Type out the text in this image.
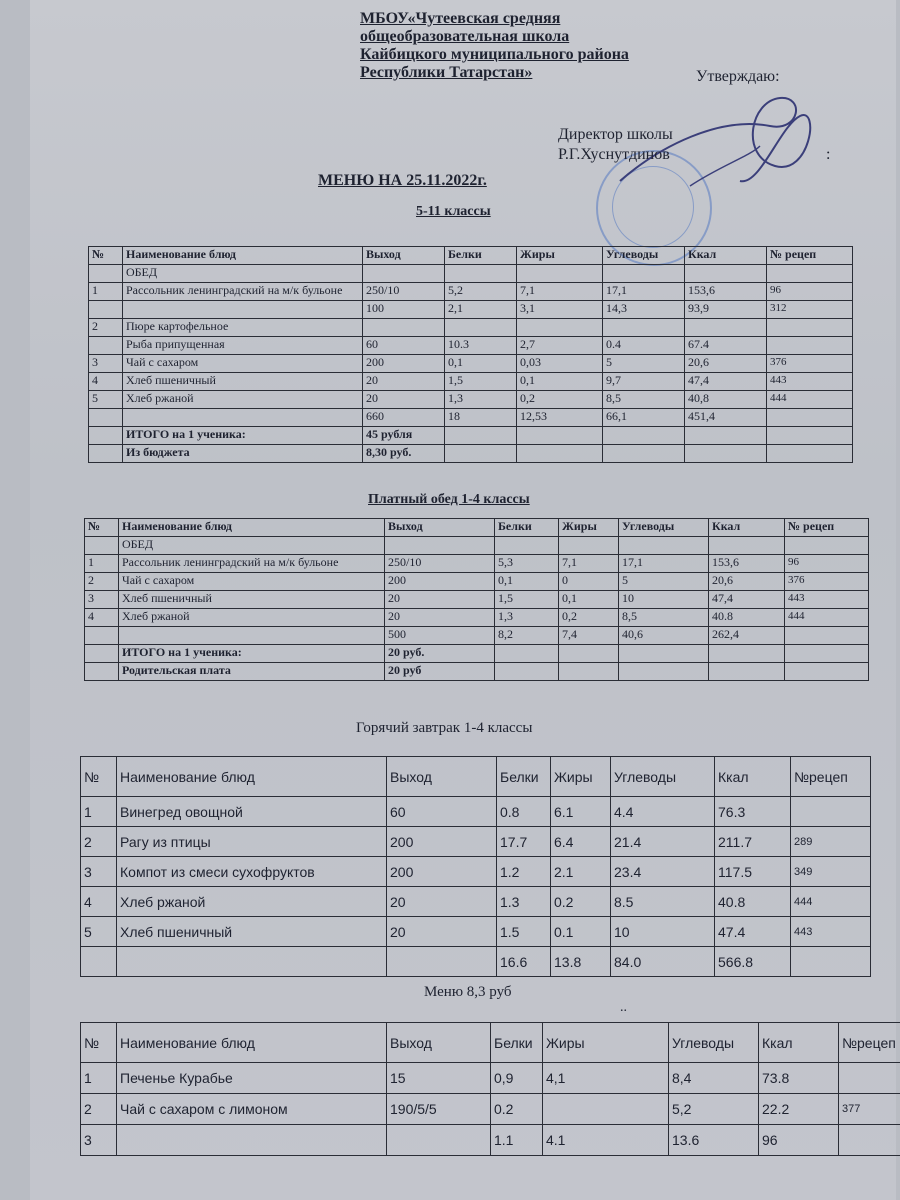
МБОУ«Чутеевская средняя
общеобразовательная школа
Кайбицкого муниципального района
Республики Татарстан»	Утверждаю:
Директор школы
Р.Г.Хуснутдинов	:
МЕНЮ НА 25.11.2022г.
5-11 классы
№	Наименование блюд	Выход	Белки	Жиры	Углеводы	Ккал	№ рецеп
	ОБЕД						
1	Рассольник ленинградский на м/к бульоне	250/10	5,2	7,1	17,1	153,6	96
		100	2,1	3,1	14,3	93,9	312
2	Пюре картофельное						
	Рыба припущенная	60	10.3	2,7	0.4	67.4	
3	Чай с сахаром	200	0,1	0,03	5	20,6	376
4	Хлеб пшеничный	20	1,5	0,1	9,7	47,4	443
5	Хлеб ржаной	20	1,3	0,2	8,5	40,8	444
		660	18	12,53	66,1	451,4	
	ИТОГО на 1 ученика:	45 рубля					
	Из бюджета	8,30 руб.					
Платный обед 1-4 классы
№	Наименование блюд	Выход	Белки	Жиры	Углеводы	Ккал	№ рецеп
	ОБЕД						
1	Рассольник ленинградский на м/к бульоне	250/10	5,3	7,1	17,1	153,6	96
2	Чай с сахаром	200	0,1	0	5	20,6	376
3	Хлеб пшеничный	20	1,5	0,1	10	47,4	443
4	Хлеб ржаной	20	1,3	0,2	8,5	40.8	444
		500	8,2	7,4	40,6	262,4	
	ИТОГО на 1 ученика:	20 руб.					
	Родительская плата	20 руб					
Горячий завтрак 1-4 классы
№	Наименование блюд	Выход	Белки	Жиры	Углеводы	Ккал	№рецеп
1	Винегред овощной	60	0.8	6.1	4.4	76.3	
2	Рагу из птицы	200	17.7	6.4	21.4	211.7	289
3	Компот из смеси сухофруктов	200	1.2	2.1	23.4	117.5	349
4	Хлеб ржаной	20	1.3	0.2	8.5	40.8	444
5	Хлеб пшеничный	20	1.5	0.1	10	47.4	443
			16.6	13.8	84.0	566.8	
Меню 8,3 руб
..
№	Наименование блюд	Выход	Белки	Жиры	Углеводы	Ккал	№рецеп
1	Печенье Курабье	15	0,9	4,1	8,4	73.8	
2	Чай с сахаром с лимоном	190/5/5	0.2		5,2	22.2	377
3			1.1	4.1	13.6	96	
